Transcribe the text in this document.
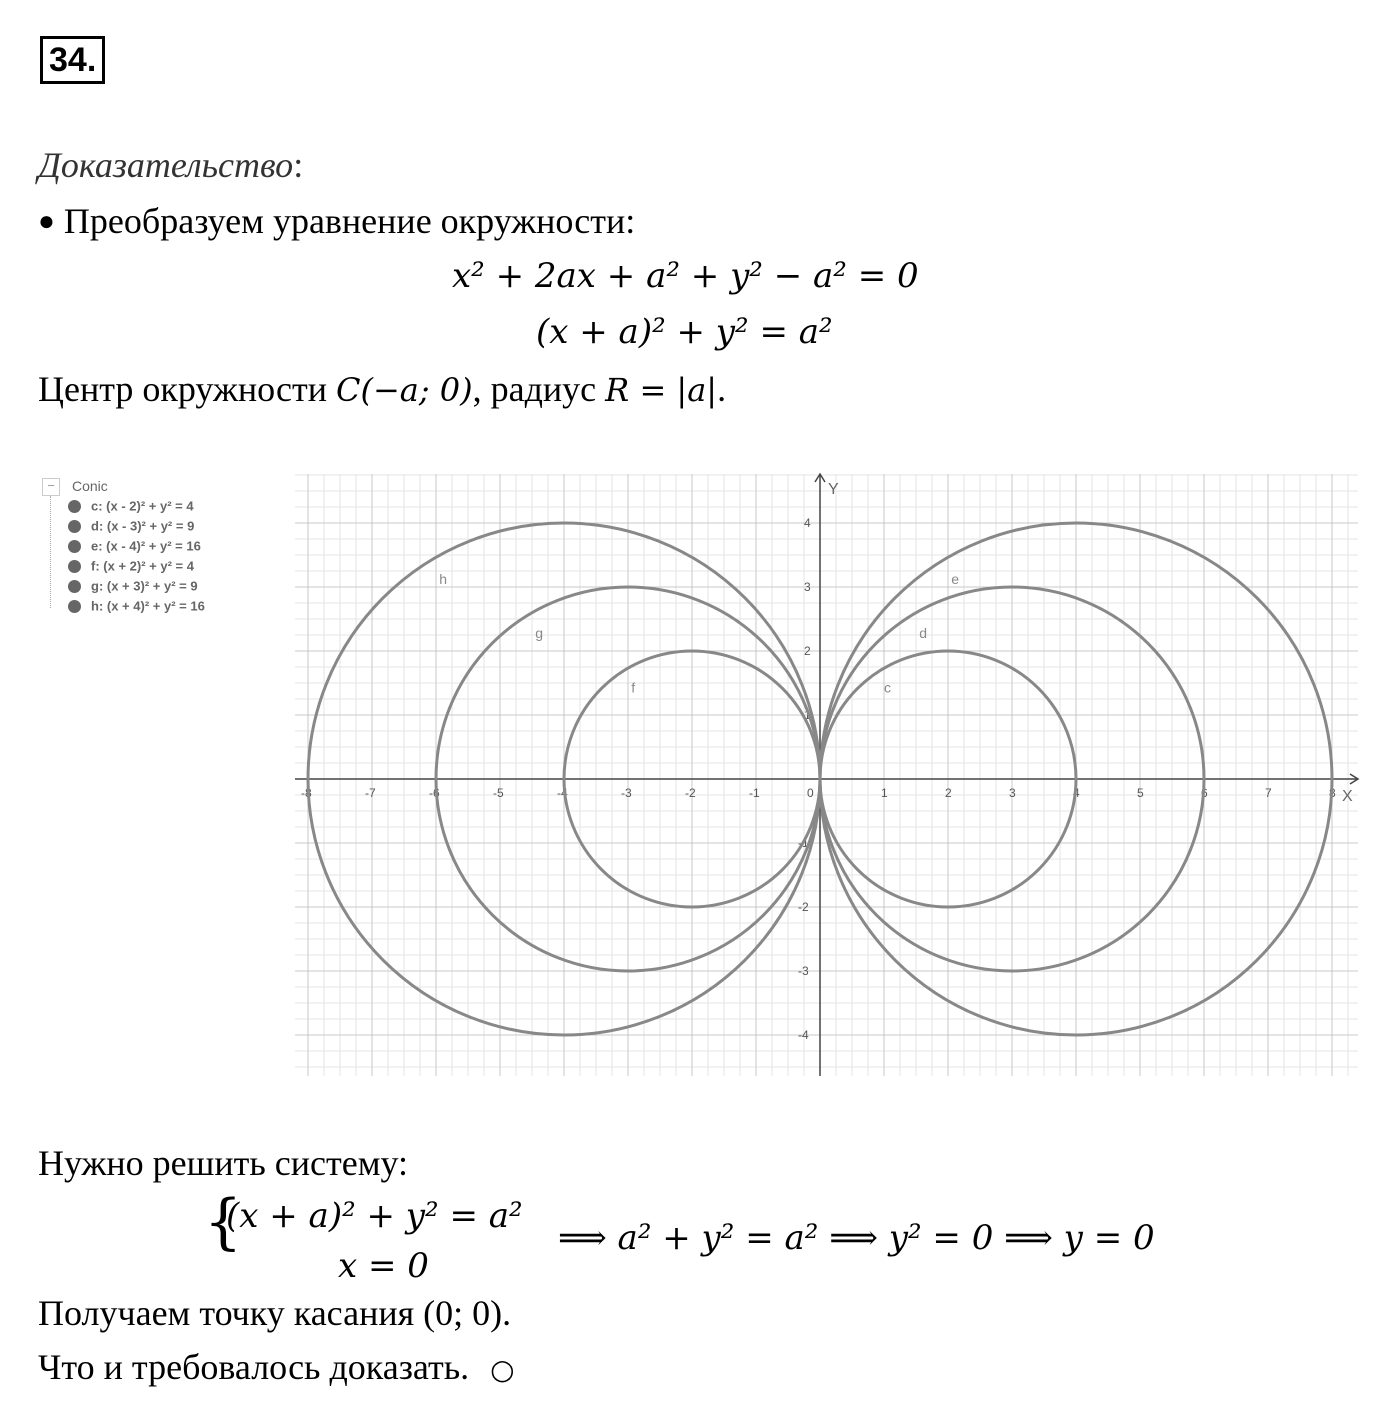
34.
Доказательство:
● Преобразуем уравнение окружности:
x² + 2ax + a² + y² − a² = 0
(x + a)² + y² = a²
Центр окружности C(−a; 0), радиус R = |a|.
−	Conic
c: (x - 2)² + y² = 4
d: (x - 3)² + y² = 9
e: (x - 4)² + y² = 16
f: (x + 2)² + y² = 4
g: (x + 3)² + y² = 9
h: (x + 4)² + y² = 16
X
Y
-8	-7	-6	-5	-4	-3	-2	-1	0	1	2	3	4	5	6	7	8
-4
-3
-2
-1
1
2
3
4
c
d
e
f
g
h
Нужно решить систему:
{
(x + a)² + y² = a²
x = 0
⟹ a² + y² = a² ⟹ y² = 0 ⟹ y = 0
Получаем точку касания (0; 0).
Что и требовалось доказать. ○
